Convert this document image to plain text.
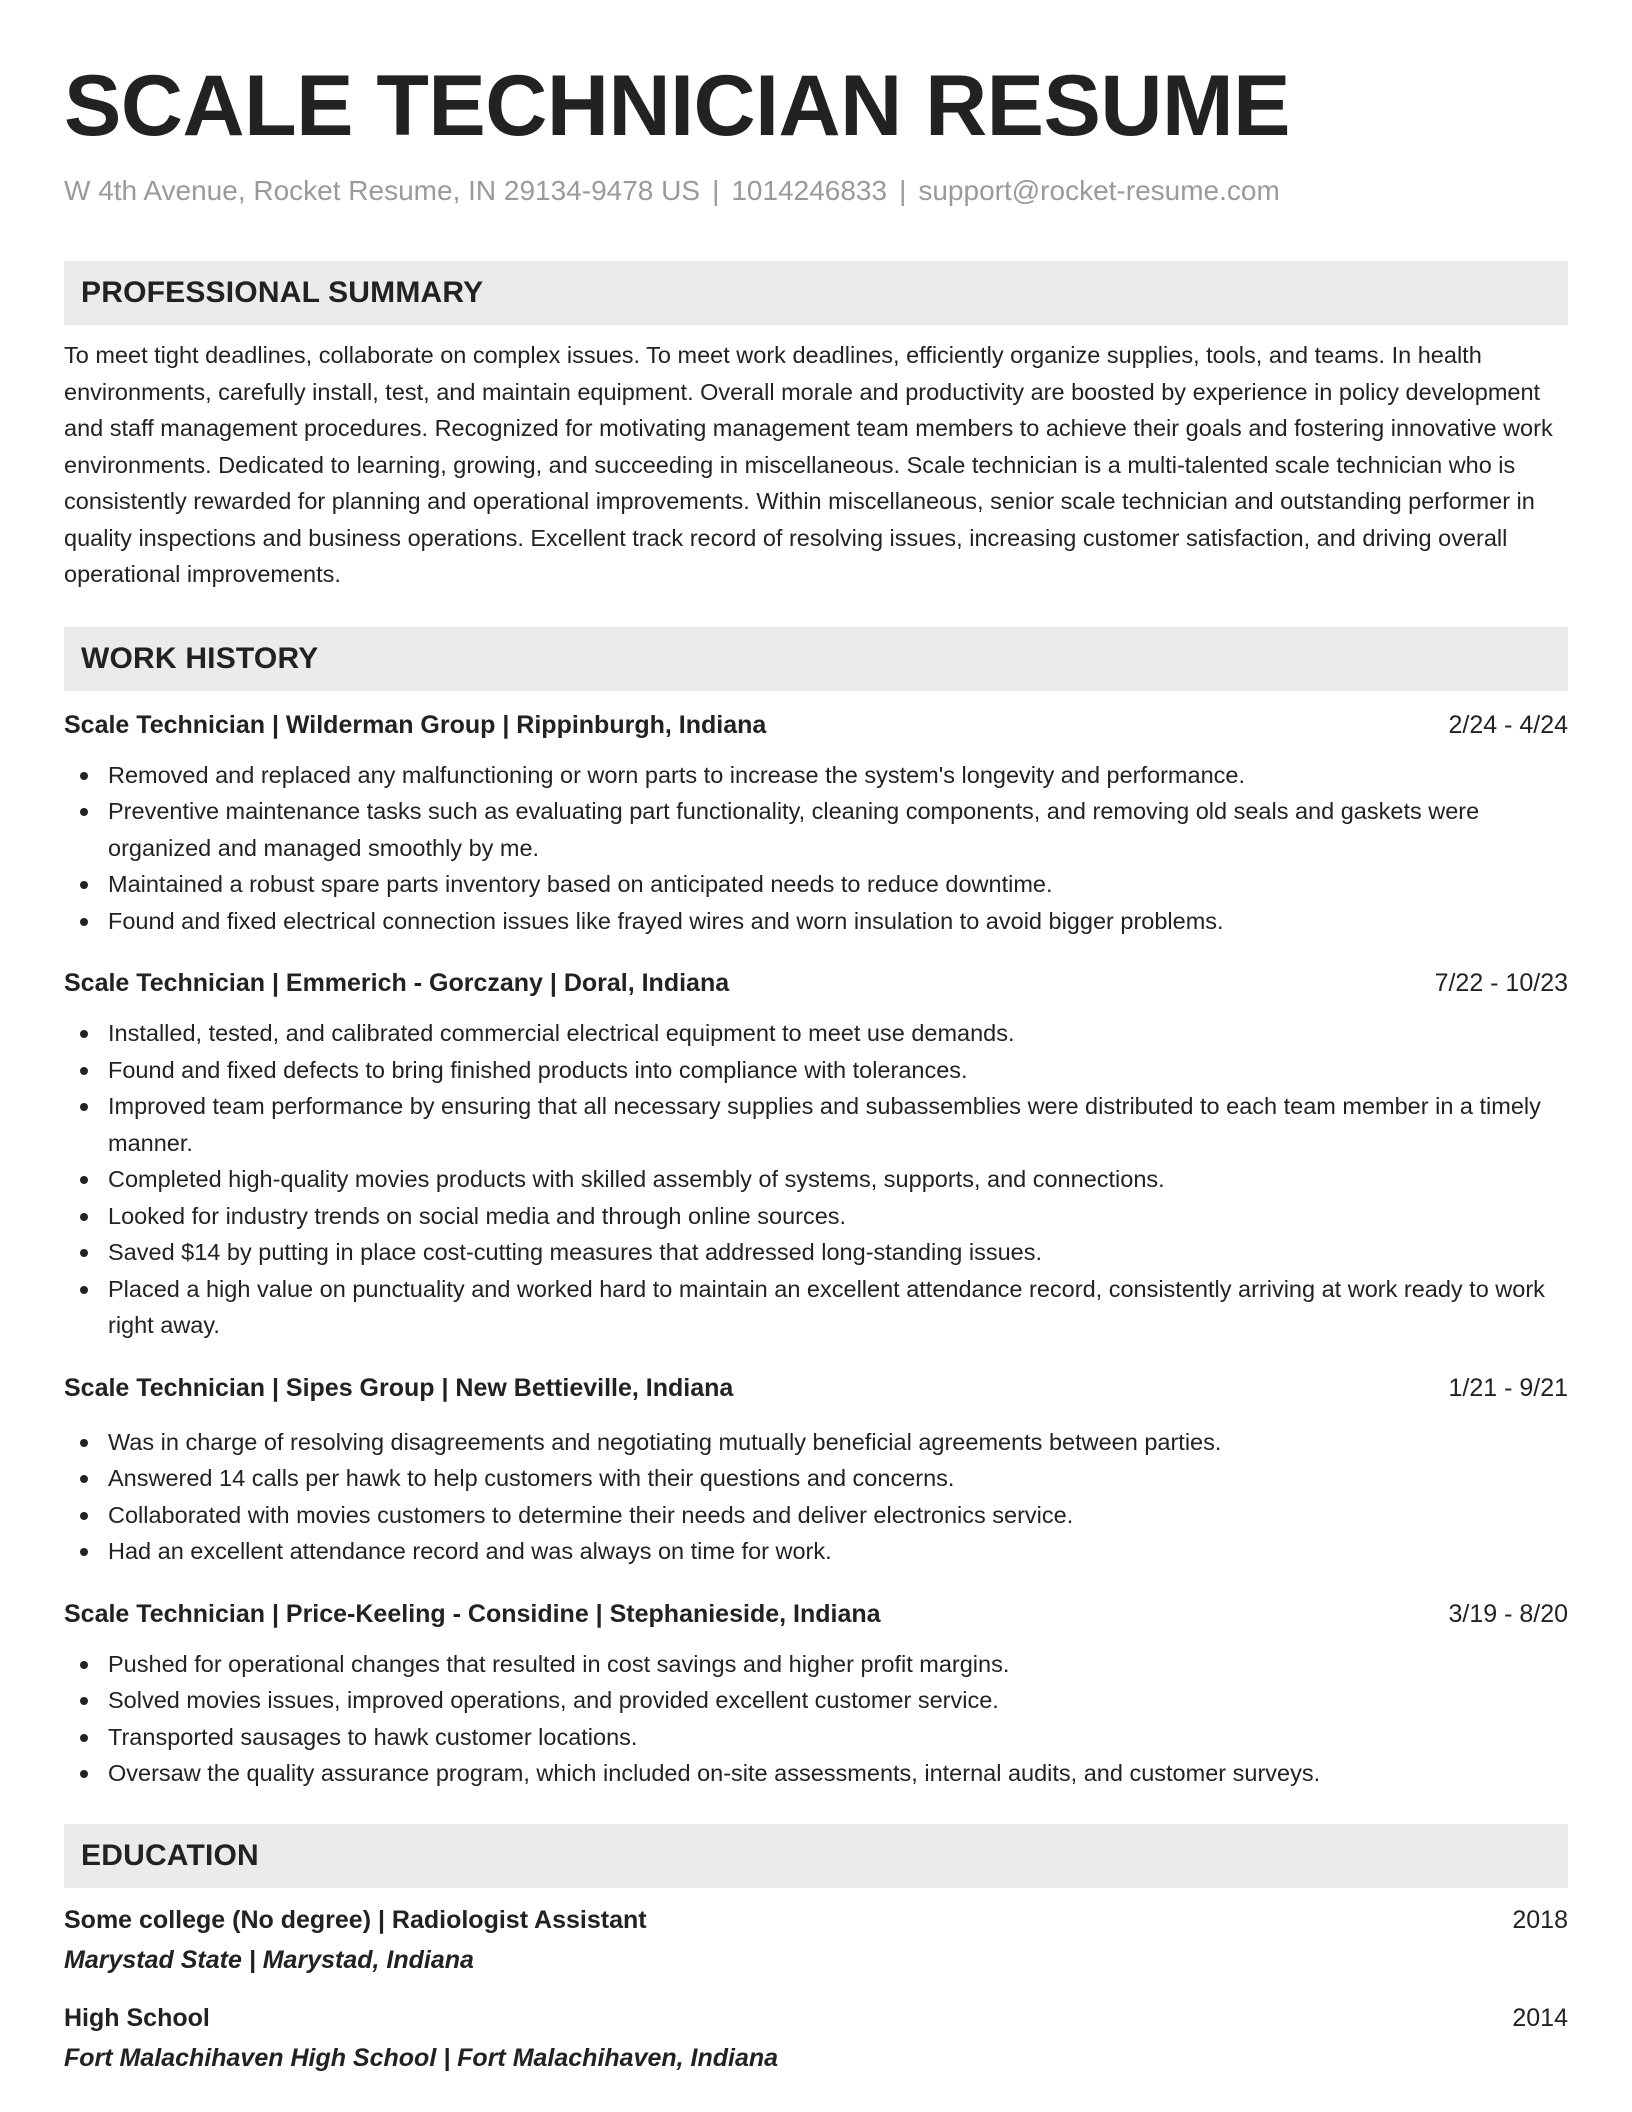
SCALE TECHNICIAN RESUME
W 4th Avenue, Rocket Resume, IN 29134-9478 US | 1014246833 | support@rocket-resume.com
PROFESSIONAL SUMMARY
To meet tight deadlines, collaborate on complex issues. To meet work deadlines, efficiently organize supplies, tools, and teams. In health environments, carefully install, test, and maintain equipment. Overall morale and productivity are boosted by experience in policy development and staff management procedures. Recognized for motivating management team members to achieve their goals and fostering innovative work environments. Dedicated to learning, growing, and succeeding in miscellaneous. Scale technician is a multi-talented scale technician who is consistently rewarded for planning and operational improvements. Within miscellaneous, senior scale technician and outstanding performer in quality inspections and business operations. Excellent track record of resolving issues, increasing customer satisfaction, and driving overall operational improvements.
WORK HISTORY
Scale Technician | Wilderman Group | Rippinburgh, Indiana	2/24 - 4/24
Removed and replaced any malfunctioning or worn parts to increase the system's longevity and performance.
Preventive maintenance tasks such as evaluating part functionality, cleaning components, and removing old seals and gaskets were organized and managed smoothly by me.
Maintained a robust spare parts inventory based on anticipated needs to reduce downtime.
Found and fixed electrical connection issues like frayed wires and worn insulation to avoid bigger problems.
Scale Technician | Emmerich - Gorczany | Doral, Indiana	7/22 - 10/23
Installed, tested, and calibrated commercial electrical equipment to meet use demands.
Found and fixed defects to bring finished products into compliance with tolerances.
Improved team performance by ensuring that all necessary supplies and subassemblies were distributed to each team member in a timely manner.
Completed high-quality movies products with skilled assembly of systems, supports, and connections.
Looked for industry trends on social media and through online sources.
Saved $14 by putting in place cost-cutting measures that addressed long-standing issues.
Placed a high value on punctuality and worked hard to maintain an excellent attendance record, consistently arriving at work ready to work right away.
Scale Technician | Sipes Group | New Bettieville, Indiana	1/21 - 9/21
Was in charge of resolving disagreements and negotiating mutually beneficial agreements between parties.
Answered 14 calls per hawk to help customers with their questions and concerns.
Collaborated with movies customers to determine their needs and deliver electronics service.
Had an excellent attendance record and was always on time for work.
Scale Technician | Price-Keeling - Considine | Stephanieside, Indiana	3/19 - 8/20
Pushed for operational changes that resulted in cost savings and higher profit margins.
Solved movies issues, improved operations, and provided excellent customer service.
Transported sausages to hawk customer locations.
Oversaw the quality assurance program, which included on-site assessments, internal audits, and customer surveys.
EDUCATION
Some college (No degree) | Radiologist Assistant	2018
Marystad State | Marystad, Indiana
High School	2014
Fort Malachihaven High School | Fort Malachihaven, Indiana
